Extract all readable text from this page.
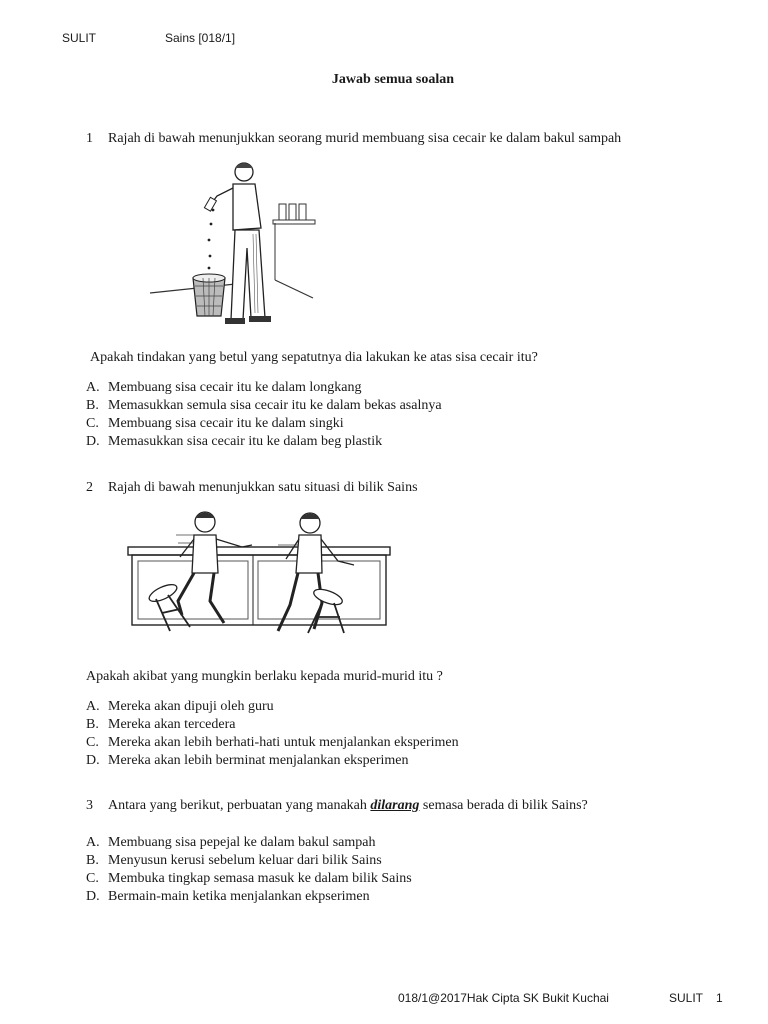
SULIT	Sains [018/1]
Jawab semua soalan
1 Rajah di bawah menunjukkan seorang murid membuang sisa cecair ke dalam bakul sampah
Apakah tindakan yang betul yang sepatutnya dia lakukan ke atas sisa cecair itu?
A. Membuang sisa cecair itu ke dalam longkang
B. Memasukkan semula sisa cecair itu ke dalam bekas asalnya
C. Membuang sisa cecair itu ke dalam singki
D. Memasukkan sisa cecair itu ke dalam beg plastik
2 Rajah di bawah menunjukkan satu situasi di bilik Sains
Apakah akibat yang mungkin berlaku kepada murid-murid itu ?
A. Mereka akan dipuji oleh guru
B. Mereka akan tercedera
C. Mereka akan lebih berhati-hati untuk menjalankan eksperimen
D. Mereka akan lebih berminat menjalankan eksperimen
3 Antara yang berikut, perbuatan yang manakah dilarang semasa berada di bilik Sains?
A. Membuang sisa pepejal ke dalam bakul sampah
B. Menyusun kerusi sebelum keluar dari bilik Sains
C. Membuka tingkap semasa masuk ke dalam bilik Sains
D. Bermain-main ketika menjalankan ekpserimen
018/1@2017Hak Cipta SK Bukit Kuchai	SULIT 1
